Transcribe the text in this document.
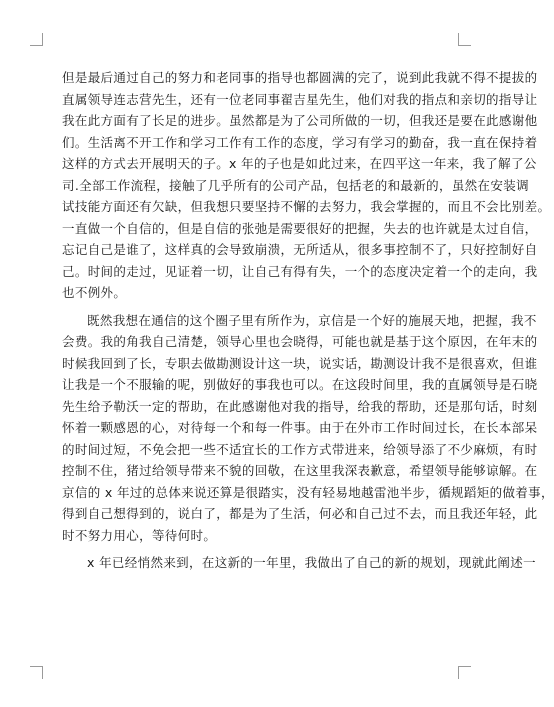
但是最后通过自己的努力和老同事的指导也都圆满的完了，说到此我就不得不提拔的
直属领导连志营先生，还有一位老同事翟吉星先生，他们对我的指点和亲切的指导让
我在此方面有了长足的进步。虽然都是为了公司所做的一切，但我还是要在此感谢他
们。生活离不开工作和学习工作有工作的态度，学习有学习的勤奋，我一直在保持着
这样的方式去开展明天的子。x 年的子也是如此过来，在四平这一年来，我了解了公
司.全部工作流程，接触了几乎所有的公司产品，包括老的和最新的，虽然在安装调
试技能方面还有欠缺，但我想只要坚持不懈的去努力，我会掌握的，而且不会比别差。
一直做一个自信的，但是自信的张弛是需要很好的把握，失去的也许就是太过自信，
忘记自己是谁了，这样真的会导致崩溃，无所适从，很多事控制不了，只好控制好自
己。时间的走过，见证着一切，让自己有得有失，一个的态度决定着一个的走向，我
也不例外。
既然我想在通信的这个圈子里有所作为，京信是一个好的施展天地，把握，我不
会费。我的角我自己清楚，领导心里也会晓得，可能也就是基于这个原因，在年末的
时候我回到了长，专职去做勘测设计这一块，说实话，勘测设计我不是很喜欢，但谁
让我是一个不服输的呢，别做好的事我也可以。在这段时间里，我的直属领导是石晓
先生给予勒沃一定的帮助，在此感谢他对我的指导，给我的帮助，还是那句话，时刻
怀着一颗感恩的心，对待每一个和每一件事。由于在外市工作时间过长，在长本部呆
的时间过短，不免会把一些不适宜长的工作方式带进来，给领导添了不少麻烦，有时
控制不住，猪过给领导带来不貌的回敬，在这里我深表歉意，希望领导能够谅解。在
京信的 x 年过的总体来说还算是很踏实，没有轻易地越雷池半步，循规蹈矩的做着事，
得到自己想得到的，说白了，都是为了生活，何必和自己过不去，而且我还年轻，此
时不努力用心，等待何时。
x 年已经悄然来到，在这新的一年里，我做出了自己的新的规划，现就此阐述一
